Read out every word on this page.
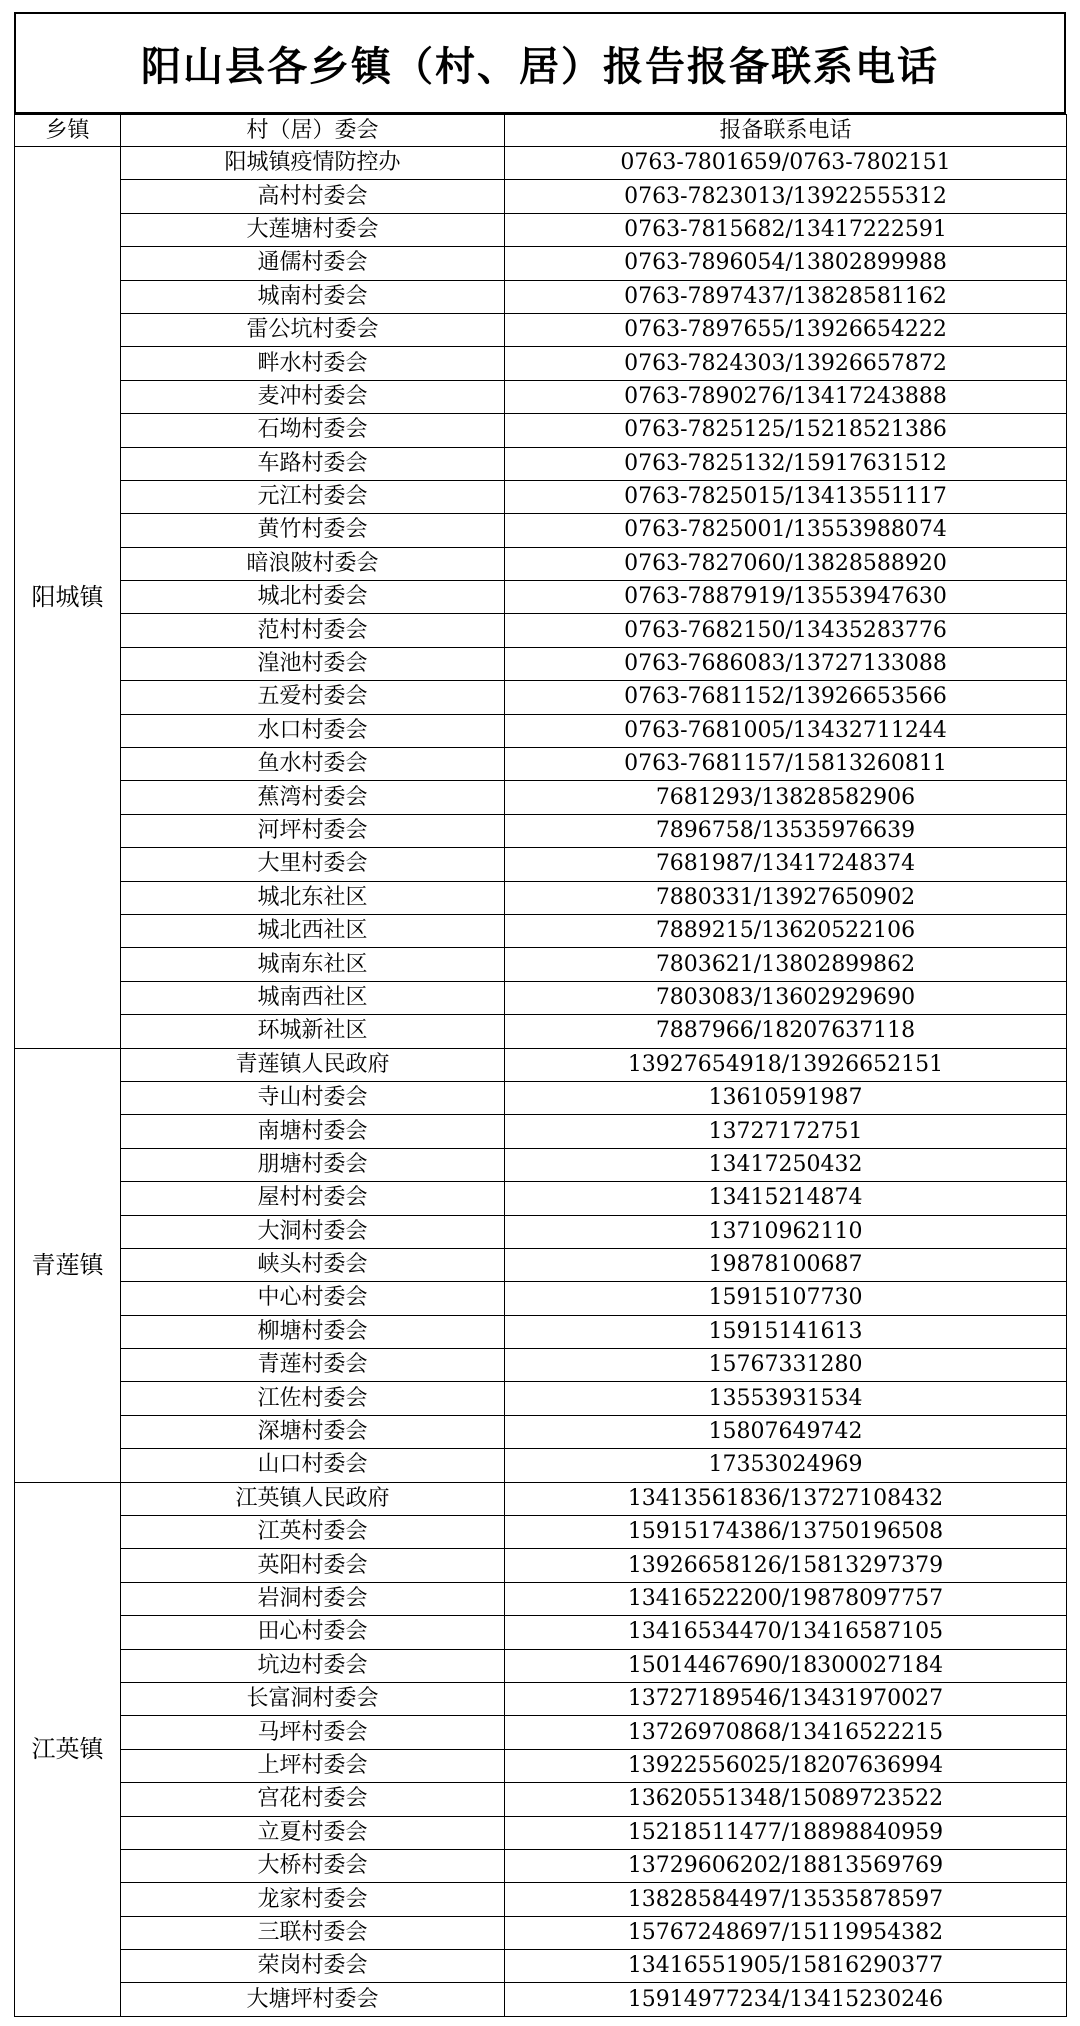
阳山县各乡镇（村、居）报告报备联系电话
乡镇	村（居）委会	报备联系电话
阳城镇	阳城镇疫情防控办	0763-7801659/0763-7802151
	高村村委会	0763-7823013/13922555312
	大莲塘村委会	0763-7815682/13417222591
	通儒村委会	0763-7896054/13802899988
	城南村委会	0763-7897437/13828581162
	雷公坑村委会	0763-7897655/13926654222
	畔水村委会	0763-7824303/13926657872
	麦冲村委会	0763-7890276/13417243888
	石坳村委会	0763-7825125/15218521386
	车路村委会	0763-7825132/15917631512
	元江村委会	0763-7825015/13413551117
	黄竹村委会	0763-7825001/13553988074
	暗浪陂村委会	0763-7827060/13828588920
	城北村委会	0763-7887919/13553947630
	范村村委会	0763-7682150/13435283776
	湟池村委会	0763-7686083/13727133088
	五爱村委会	0763-7681152/13926653566
	水口村委会	0763-7681005/13432711244
	鱼水村委会	0763-7681157/15813260811
	蕉湾村委会	7681293/13828582906
	河坪村委会	7896758/13535976639
	大里村委会	7681987/13417248374
	城北东社区	7880331/13927650902
	城北西社区	7889215/13620522106
	城南东社区	7803621/13802899862
	城南西社区	7803083/13602929690
	环城新社区	7887966/18207637118
青莲镇	青莲镇人民政府	13927654918/13926652151
	寺山村委会	13610591987
	南塘村委会	13727172751
	朋塘村委会	13417250432
	屋村村委会	13415214874
	大洞村委会	13710962110
	峡头村委会	19878100687
	中心村委会	15915107730
	柳塘村委会	15915141613
	青莲村委会	15767331280
	江佐村委会	13553931534
	深塘村委会	15807649742
	山口村委会	17353024969
江英镇	江英镇人民政府	13413561836/13727108432
	江英村委会	15915174386/13750196508
	英阳村委会	13926658126/15813297379
	岩洞村委会	13416522200/19878097757
	田心村委会	13416534470/13416587105
	坑边村委会	15014467690/18300027184
	长富洞村委会	13727189546/13431970027
	马坪村委会	13726970868/13416522215
	上坪村委会	13922556025/18207636994
	宫花村委会	13620551348/15089723522
	立夏村委会	15218511477/18898840959
	大桥村委会	13729606202/18813569769
	龙家村委会	13828584497/13535878597
	三联村委会	15767248697/15119954382
	荣岗村委会	13416551905/15816290377
	大塘坪村委会	15914977234/13415230246
